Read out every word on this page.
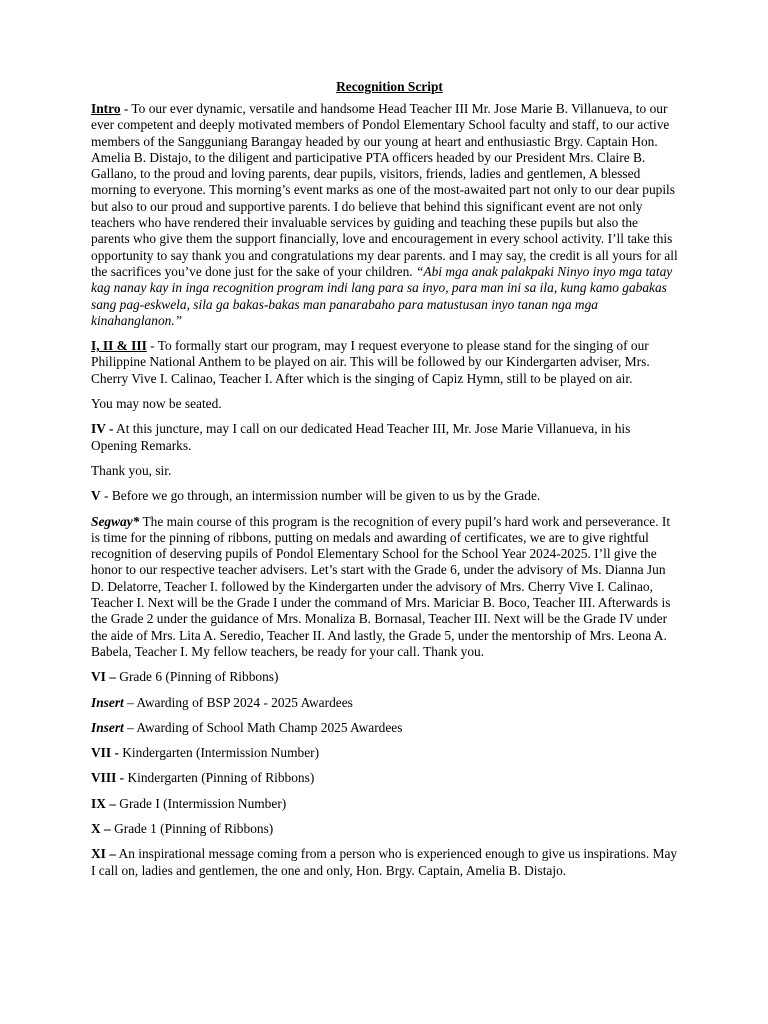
Recognition Script

Intro - To our ever dynamic, versatile and handsome Head Teacher III Mr. Jose Marie B. Villanueva, to our ever competent and deeply motivated members of Pondol Elementary School faculty and staff, to our active members of the Sangguniang Barangay headed by our young at heart and enthusiastic Brgy. Captain Hon. Amelia B. Distajo, to the diligent and participative PTA officers headed by our President Mrs. Claire B. Gallano, to the proud and loving parents, dear pupils, visitors, friends, ladies and gentlemen, A blessed morning to everyone. This morning’s event marks as one of the most-awaited part not only to our dear pupils but also to our proud and supportive parents. I do believe that behind this significant event are not only teachers who have rendered their invaluable services by guiding and teaching these pupils but also the parents who give them the support financially, love and encouragement in every school activity. I’ll take this opportunity to say thank you and congratulations my dear parents. and I may say, the credit is all yours for all the sacrifices you’ve done just for the sake of your children. “Abi mga anak palakpaki Ninyo inyo mga tatay kag nanay kay in inga recognition program indi lang para sa inyo, para man ini sa ila, kung kamo gabakas sang pag-eskwela, sila ga bakas-bakas man panarabaho para matustusan inyo tanan nga mga kinahanglanon.”

I, II & III - To formally start our program, may I request everyone to please stand for the singing of our Philippine National Anthem to be played on air. This will be followed by our Kindergarten adviser, Mrs. Cherry Vive I. Calinao, Teacher I. After which is the singing of Capiz Hymn, still to be played on air.

You may now be seated.

IV - At this juncture, may I call on our dedicated Head Teacher III, Mr. Jose Marie Villanueva, in his Opening Remarks.

Thank you, sir.

V - Before we go through, an intermission number will be given to us by the Grade.

Segway* The main course of this program is the recognition of every pupil’s hard work and perseverance. It is time for the pinning of ribbons, putting on medals and awarding of certificates, we are to give rightful recognition of deserving pupils of Pondol Elementary School for the School Year 2024-2025. I’ll give the honor to our respective teacher advisers. Let’s start with the Grade 6, under the advisory of Ms. Dianna Jun D. Delatorre, Teacher I. followed by the Kindergarten under the advisory of Mrs. Cherry Vive I. Calinao, Teacher I. Next will be the Grade I under the command of Mrs. Mariciar B. Boco, Teacher III. Afterwards is the Grade 2 under the guidance of Mrs. Monaliza B. Bornasal, Teacher III. Next will be the Grade IV under the aide of Mrs. Lita A. Seredio, Teacher II. And lastly, the Grade 5, under the mentorship of Mrs. Leona A. Babela, Teacher I. My fellow teachers, be ready for your call. Thank you.

VI – Grade 6 (Pinning of Ribbons)

Insert – Awarding of BSP 2024 - 2025 Awardees

Insert – Awarding of School Math Champ 2025 Awardees

VII - Kindergarten (Intermission Number)

VIII - Kindergarten (Pinning of Ribbons)

IX – Grade I (Intermission Number)

X – Grade 1 (Pinning of Ribbons)

XI – An inspirational message coming from a person who is experienced enough to give us inspirations. May I call on, ladies and gentlemen, the one and only, Hon. Brgy. Captain, Amelia B. Distajo.
